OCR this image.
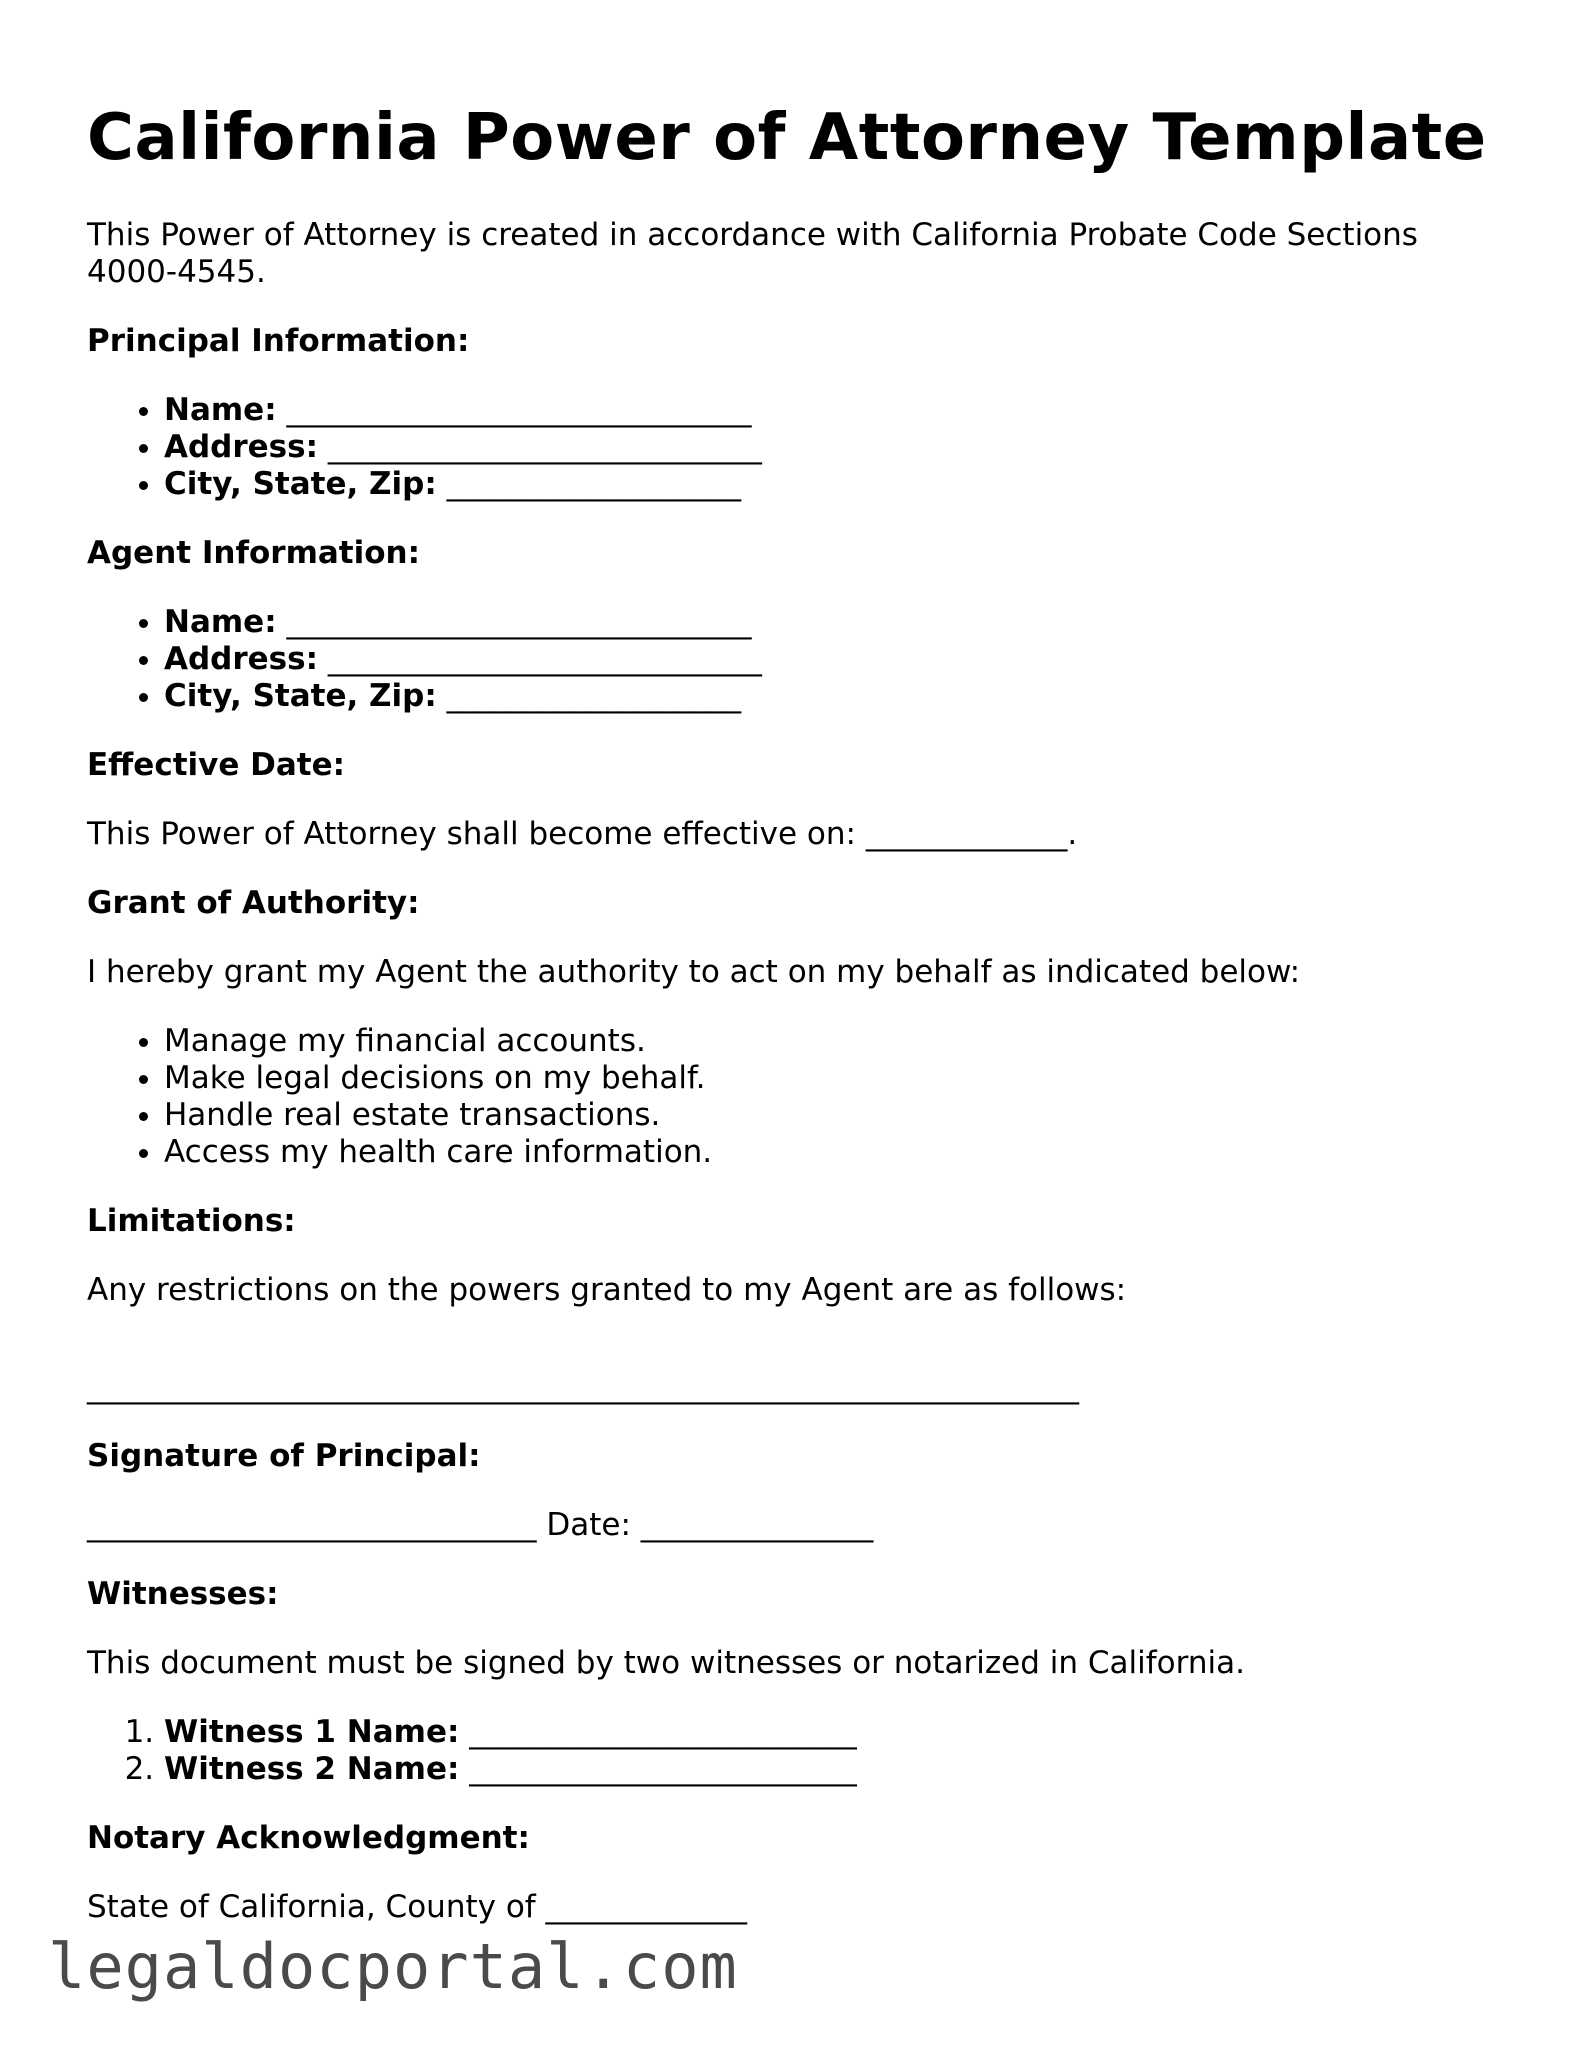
California Power of Attorney Template

This Power of Attorney is created in accordance with California Probate Code Sections 4000-4545.

Principal Information:

• Name: ______________________________
• Address: ____________________________
• City, State, Zip: ___________________

Agent Information:

• Name: ______________________________
• Address: ____________________________
• City, State, Zip: ___________________

Effective Date:

This Power of Attorney shall become effective on: _____________.

Grant of Authority:

I hereby grant my Agent the authority to act on my behalf as indicated below:

• Manage my financial accounts.
• Make legal decisions on my behalf.
• Handle real estate transactions.
• Access my health care information.

Limitations:

Any restrictions on the powers granted to my Agent are as follows:

________________________________________________________________

Signature of Principal:

_____________________________ Date: _______________

Witnesses:

This document must be signed by two witnesses or notarized in California.

1. Witness 1 Name: _________________________
2. Witness 2 Name: _________________________

Notary Acknowledgment:

State of California, County of _____________

legaldocportal.com
